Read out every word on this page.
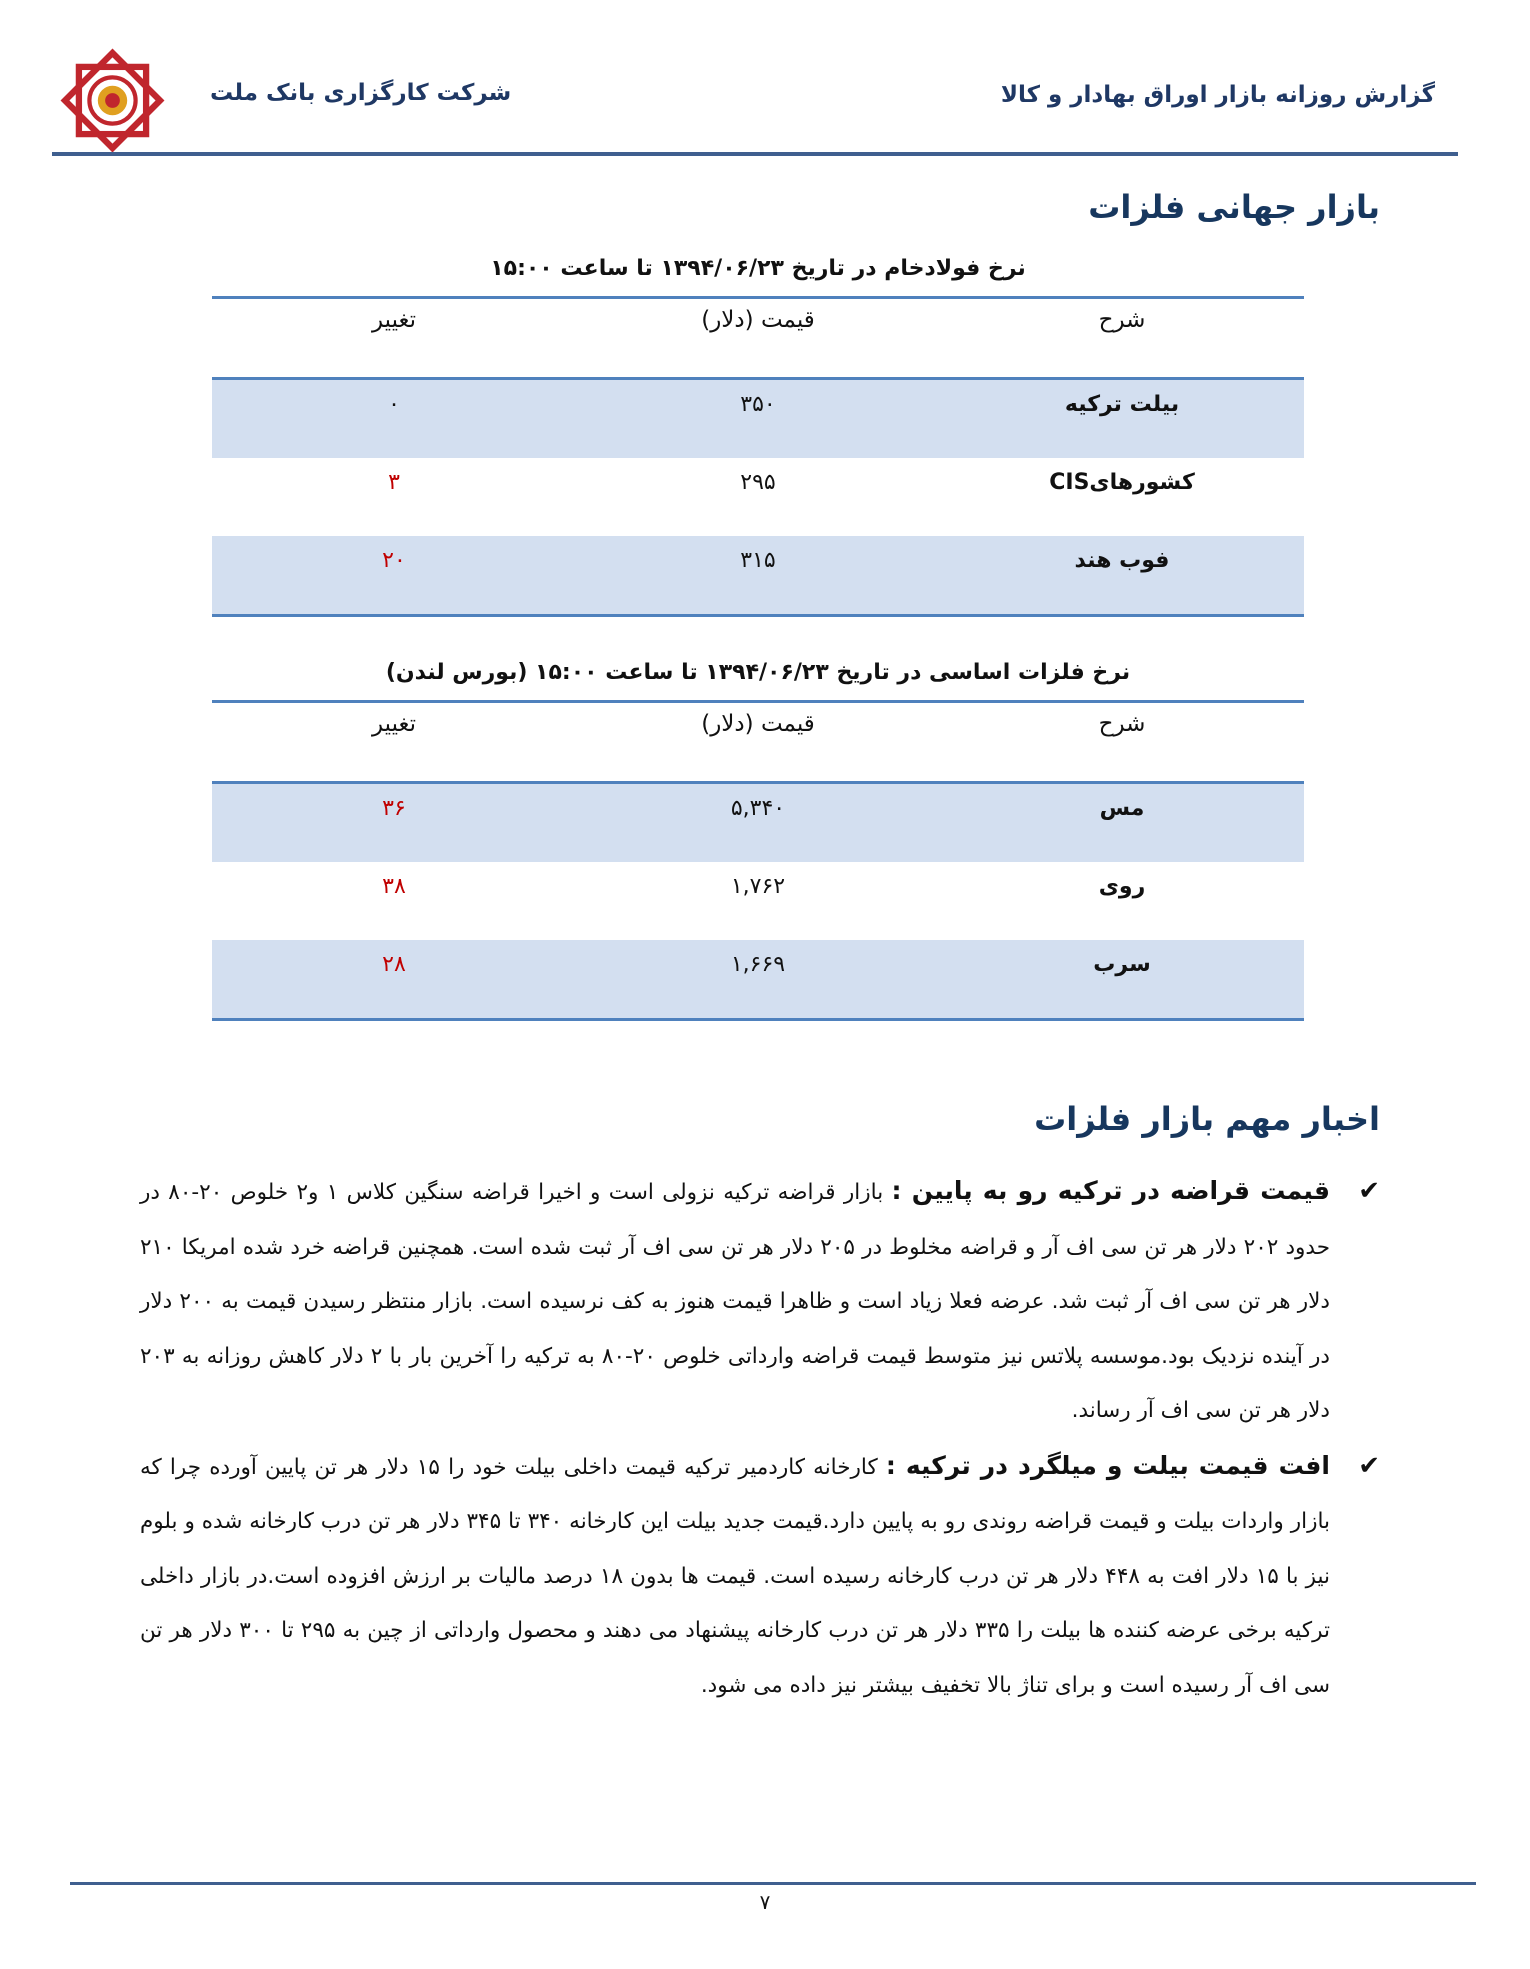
شرکت کارگزاری بانک ملت	گزارش روزانه بازار اوراق بهادار و کالا
بازار جهانی فلزات
نرخ فولادخام در تاریخ ۱۳۹۴/۰۶/۲۳ تا ساعت ۱۵:۰۰
شرح
قیمت (دلار)
تغییر
بیلت ترکیه
۳۵۰
۰
کشورهایCIS
۲۹۵
۳
فوب هند
۳۱۵
۲۰
نرخ فلزات اساسی در تاریخ ۱۳۹۴/۰۶/۲۳ تا ساعت ۱۵:۰۰ (بورس لندن)
شرح
قیمت (دلار)
تغییر
مس
۵,۳۴۰
۳۶
روی
۱,۷۶۲
۳۸
سرب
۱,۶۶۹
۲۸
اخبار مهم بازار فلزات

✔
قیمت قراضه در ترکیه رو به پایین : بازار قراضه ترکیه نزولی است و اخیرا قراضه سنگین کلاس ۱ و۲ خلوص ۲۰-۸۰ در حدود ۲۰۲ دلار هر تن سی اف آر و قراضه مخلوط در ۲۰۵ دلار هر تن سی اف آر ثبت شده است. همچنین قراضه خرد شده امریکا ۲۱۰ دلار هر تن سی اف آر ثبت شد. عرضه فعلا زیاد است و ظاهرا قیمت هنوز به کف نرسیده است. بازار منتظر رسیدن قیمت به ۲۰۰ دلار در آینده نزدیک بود.موسسه پلاتس نیز متوسط قیمت قراضه وارداتی خلوص ۲۰-۸۰ به ترکیه را آخرین بار با ۲ دلار کاهش روزانه به ۲۰۳ دلار هر تن سی اف آر رساند.

✔
افت قیمت بیلت و میلگرد در ترکیه : کارخانه کاردمیر ترکیه قیمت داخلی بیلت خود را ۱۵ دلار هر تن پایین آورده چرا که بازار واردات بیلت و قیمت قراضه روندی رو به پایین دارد.قیمت جدید بیلت این کارخانه ۳۴۰ تا ۳۴۵ دلار هر تن درب کارخانه شده و بلوم نیز با ۱۵ دلار افت به ۴۴۸ دلار هر تن درب کارخانه رسیده است. قیمت ها بدون ۱۸ درصد مالیات بر ارزش افزوده است.در بازار داخلی ترکیه برخی عرضه کننده ها بیلت را ۳۳۵ دلار هر تن درب کارخانه پیشنهاد می دهند و محصول وارداتی از چین به ۲۹۵ تا ۳۰۰ دلار هر تن سی اف آر رسیده است و برای تناژ بالا تخفیف بیشتر نیز داده می شود.

۷
